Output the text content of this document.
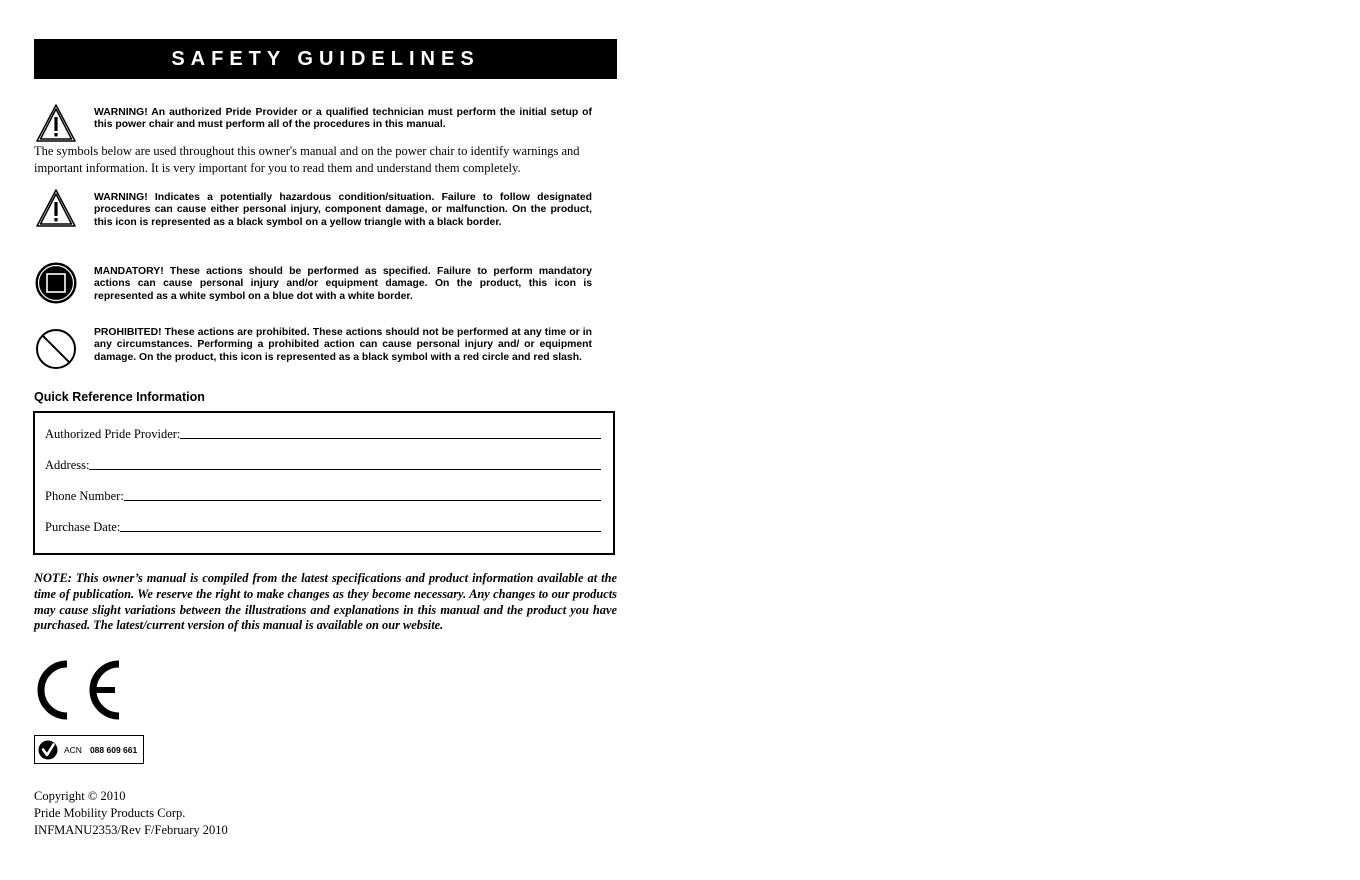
SAFETY GUIDELINES
WARNING! An authorized Pride Provider or a qualified technician must perform the initial setup of this power chair and must perform all of the procedures in this manual.
The symbols below are used throughout this owner's manual and on the power chair to identify warnings and important information. It is very important for you to read them and understand them completely.
WARNING! Indicates a potentially hazardous condition/situation. Failure to follow designated procedures can cause either personal injury, component damage, or malfunction. On the product, this icon is represented as a black symbol on a yellow triangle with a black border.
MANDATORY! These actions should be performed as specified. Failure to perform mandatory actions can cause personal injury and/or equipment damage. On the product, this icon is represented as a white symbol on a blue dot with a white border.
PROHIBITED! These actions are prohibited. These actions should not be performed at any time or in any circumstances. Performing a prohibited action can cause personal injury and/ or equipment damage. On the product, this icon is represented as a black symbol with a red circle and red slash.
Quick Reference Information
Authorized Pride Provider:
Address:
Phone Number:
Purchase Date:
NOTE: This owner’s manual is compiled from the latest specifications and product information available at the time of publication. We reserve the right to make changes as they become necessary. Any changes to our products may cause slight variations between the illustrations and explanations in this manual and the product you have purchased. The latest/current version of this manual is available on our website.
ACN 088 609 661
Copyright © 2010
Pride Mobility Products Corp.
INFMANU2353/Rev F/February 2010
